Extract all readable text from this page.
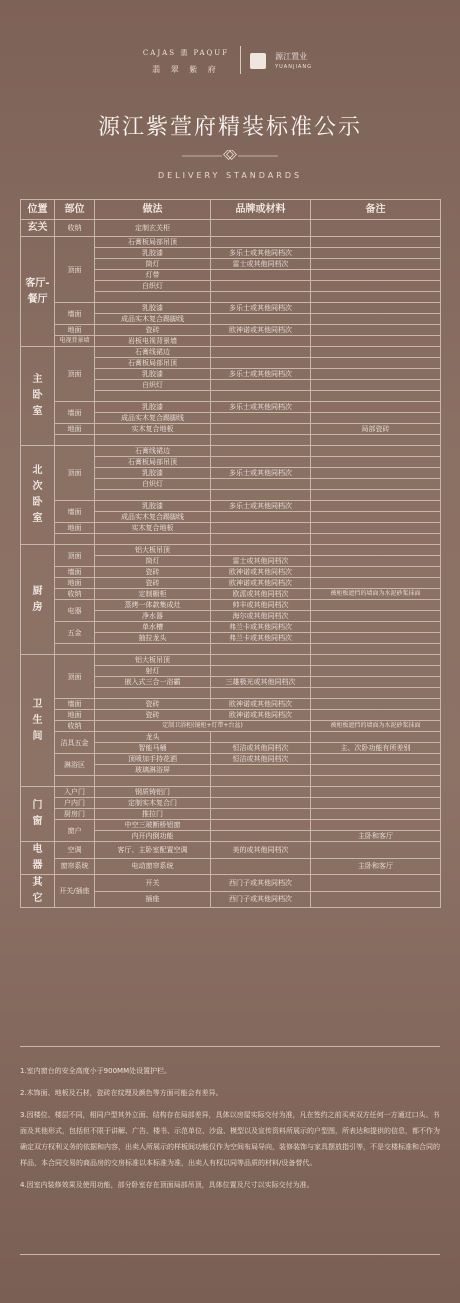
CAJAS 翡 PAQUF
翡 翠 紫 府

源江置业
YUANJIANG
源江紫萱府精装标准公示
DELIVERY STANDARDS
位置	部位	做法	品牌或材料	备注
玄关	收纳	定制玄关柜		
客厅-餐厅	顶面	石膏板局部吊顶		
		乳胶漆	多乐士或其他同档次	
		筒灯	雷士或其他同档次	
		灯带		
		白织灯		

	墙面	乳胶漆	多乐士或其他同档次	
		成品实木复合踢脚线		
	地面	瓷砖	欧神诺或其他同档次	
	电视背景墙	岩板电视背景墙		
主卧室	顶面	石膏线裙边		
		石膏板局部吊顶		
		乳胶漆	多乐士或其他同档次	
		白炽灯		

	墙面	乳胶漆	多乐士或其他同档次	
		成品实木复合踢脚线		
	地面	实木复合地板		局部瓷砖

北次卧室	顶面	石膏线裙边		
		石膏板局部吊顶		
		乳胶漆	多乐士或其他同档次	
		白炽灯		

	墙面	乳胶漆	多乐士或其他同档次	
		成品实木复合踢脚线		
	地面	实木复合地板		

厨房	顶面	铝大板吊顶		
		筒灯	雷士或其他同档次	
	墙面	瓷砖	欧神诺或其他同档次	
	地面	瓷砖	欧神诺或其他同档次	
	收纳	定制橱柜	欧派或其他同档次	被柜板遮挡的墙面为水泥砂浆抹面
	电器	蒸烤一体款集成灶	帅丰或其他同档次	
		净水器	海尔或其他同档次	
	五金	单水槽	弗兰卡或其他同档次	
		抽拉龙头	弗兰卡或其他同档次	

卫生间	顶面	铝大板吊顶		
		射灯		
		嵌入式三合一浴霸	三雄极光或其他同档次	

	墙面	瓷砖	欧神诺或其他同档次	
	地面	瓷砖	欧神诺或其他同档次	
	收纳	定制卫浴柜(镜柜+灯带+台盆)		被柜板遮挡的墙面为水泥砂浆抹面
	洁具五金	龙头		
		智能马桶	恒洁或其他同档次	主、次卧功能有所差别
	淋浴区	顶喷加手持花洒	恒洁或其他同档次	
		玻璃淋浴屏		

门窗	入户门	钢质铸铝门		
	户内门	定制实木复合门		
	厨房门	推拉门		
	窗户	中空三玻断桥铝窗		
		内开内倒功能		主卧和客厅
电器	空调	客厅、主卧室配置空调	美的或其他同档次	
	窗帘系统	电动窗帘系统		主卧和客厅
其它	开关/插座	开关	西门子或其他同档次	
		插座	西门子或其他同档次	

1.室内窗台的安全高度小于900MM处设置护栏。

2.木饰面、地板及石材，瓷砖在纹理及颜色等方面可能会有差异。

3.因楼位、楼层不同，相同户型其外立面、结构存在局部差异，具体以房屋实际交付为准，凡在签约之前买卖双方任何一方通过口头、书面及其他形式，包括但不限于讲解、广告、楼书、示范单位、沙盘、模型以及宣传资料所展示的户型图，所表达和提供的信息，都不作为确定双方权利义务的依据和内容，出卖人所展示的样板间功能仅作为空间布局导向，装修装饰与家具摆放指引等，不是交楼标准和合同的样品，本合同交易的商品房的交房标准以本标准为准，出卖人有权以同等品质的材料/设备替代。

4.因室内装修效果及使用功能，部分卧室存在顶面局部吊顶，具体位置及尺寸以实际交付为准。
